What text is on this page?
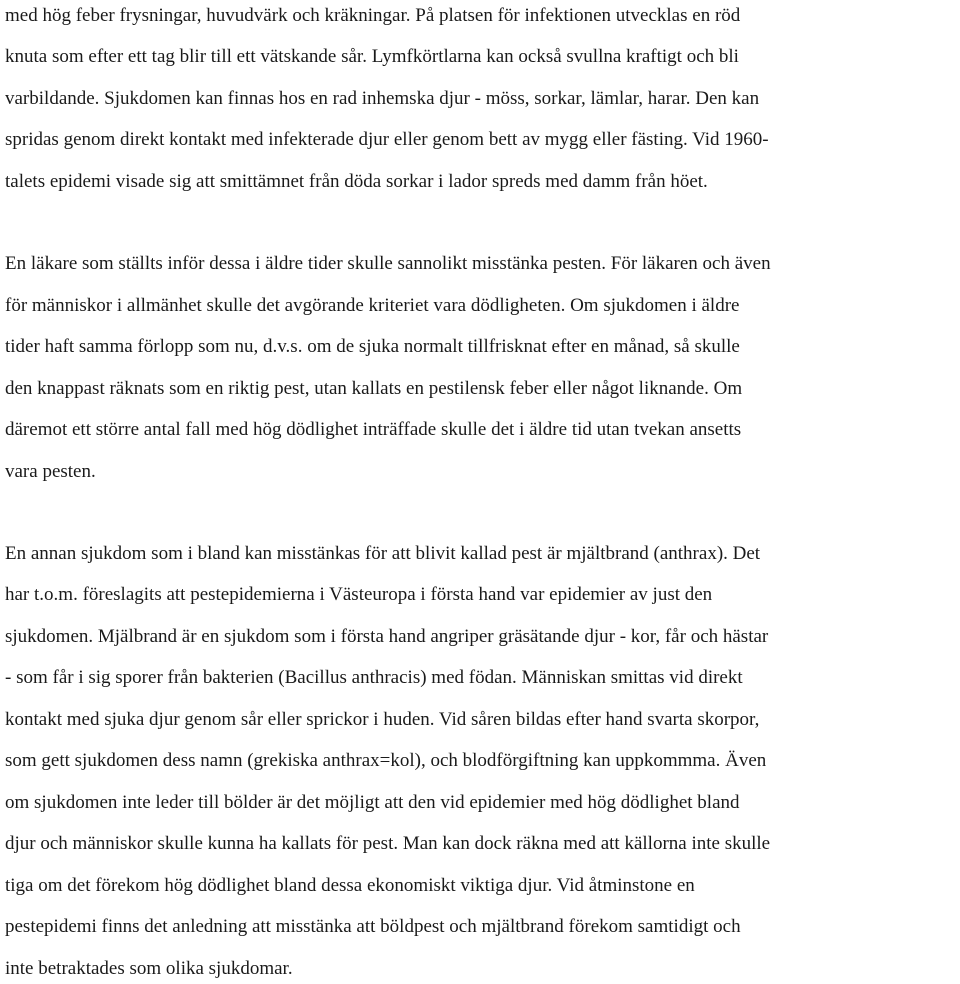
med hög feber frysningar, huvudvärk och kräkningar. På platsen för infektionen utvecklas en röd
knuta som efter ett tag blir till ett vätskande sår. Lymfkörtlarna kan också svullna kraftigt och bli
varbildande. Sjukdomen kan finnas hos en rad inhemska djur - möss, sorkar, lämlar, harar. Den kan
spridas genom direkt kontakt med infekterade djur eller genom bett av mygg eller fästing. Vid 1960-
talets epidemi visade sig att smittämnet från döda sorkar i lador spreds med damm från höet.
En läkare som ställts inför dessa i äldre tider skulle sannolikt misstänka pesten. För läkaren och även
för människor i allmänhet skulle det avgörande kriteriet vara dödligheten. Om sjukdomen i äldre
tider haft samma förlopp som nu, d.v.s. om de sjuka normalt tillfrisknat efter en månad, så skulle
den knappast räknats som en riktig pest, utan kallats en pestilensk feber eller något liknande. Om
däremot ett större antal fall med hög dödlighet inträffade skulle det i äldre tid utan tvekan ansetts
vara pesten.
En annan sjukdom som i bland kan misstänkas för att blivit kallad pest är mjältbrand (anthrax). Det
har t.o.m. föreslagits att pestepidemierna i Västeuropa i första hand var epidemier av just den
sjukdomen. Mjälbrand är en sjukdom som i första hand angriper gräsätande djur - kor, får och hästar
- som får i sig sporer från bakterien (Bacillus anthracis) med födan. Människan smittas vid direkt
kontakt med sjuka djur genom sår eller sprickor i huden. Vid såren bildas efter hand svarta skorpor,
som gett sjukdomen dess namn (grekiska anthrax=kol), och blodförgiftning kan uppkommma. Även
om sjukdomen inte leder till bölder är det möjligt att den vid epidemier med hög dödlighet bland
djur och människor skulle kunna ha kallats för pest. Man kan dock räkna med att källorna inte skulle
tiga om det förekom hög dödlighet bland dessa ekonomiskt viktiga djur. Vid åtminstone en
pestepidemi finns det anledning att misstänka att böldpest och mjältbrand förekom samtidigt och
inte betraktades som olika sjukdomar.
